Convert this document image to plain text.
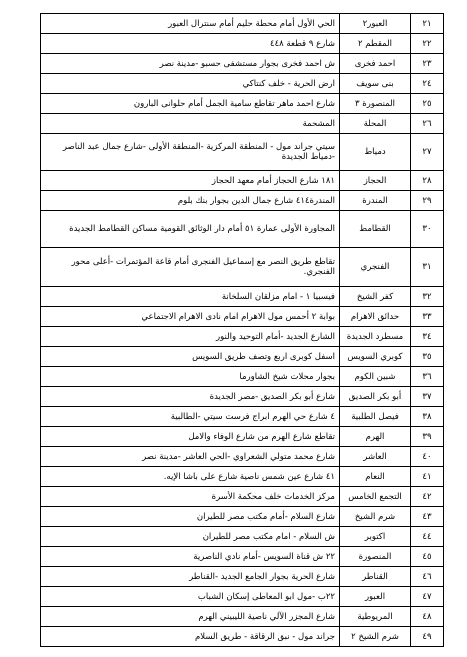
٢١	العبور٢	الحي الأول أمام محطة حليم أمام سنترال العبور
٢٢	المقطم ٢	شارع ٩ قطعة ٤٤٨
٢٣	احمد فخرى	ش احمد فخرى بجوار مستشفى حسبو -مدينة نصر
٢٤	بنى سويف	ارض الحرية - خلف كنتاكي
٢٥	المنصورة ٣	شارع احمد ماهر تقاطع سامية الجمل أمام حلوانى البارون
٢٦	المحلة	المشحمة
٢٧	دمياط	سيتي جراند مول - المنطقة المركزية -المنطقة الأولى -شارع جمال عبد الناصر -دمياط الجديدة
٢٨	الحجاز	١٨١ شارع الحجاز أمام معهد الحجاز
٢٩	المندرة	المندرة٤١٤ شارع جمال الدين بجوار بنك بلوم
٣٠	القطامط	المجاورة الأولى عمارة ٥١ أمام دار الوثائق القومية مساكن القطامط الجديدة
٣١	الفنجري	تقاطع طريق النصر مع إسماعيل الفنجرى أمام قاعة المؤتمرات -أعلى محور الفنجري.
٣٢	كفر الشيخ	فيسبيا ١ - امام مزلقان السلخانة
٣٣	حدائق الاهرام	بوابة ٢ أحمس مول الاهرام امام نادى الاهرام الاجتماعي
٣٤	مسطرد الجديدة	الشارع الجديد -أمام التوحيد والنور
٣٥	كوبري السويس	اسفل كوبرى اربع وتصف طريق السويس
٣٦	شبين الكوم	بجوار محلات شيخ الشاورما
٣٧	أبو بكر الصديق	شارع أبو بكر الصديق -مصر الجديدة
٣٨	فيصل الطلبية	٤ شارع حي الهرم ابراج فرست سيتي -الطالبية
٣٩	الهرم	تقاطع شارع الهرم من شارع الوفاء والامل
٤٠	العاشر	شارع محمد متولي الشعراوي -الحي العاشر -مدينة نصر
٤١	النعام	٤١ شارع عين شمس ناصية شارع على باشا الإيه.
٤٢	التجمع الخامس	مركز الخدمات خلف محكمة الأسرة
٤٣	شرم الشيخ	شارع السلام -أمام مكتب مصر للطيران
٤٤	اكتوبر	ش السلام - امام مكتب مصر للطيران
٤٥	المنصورة	٢٢ ش قناة السويس -أمام نادي الناصرية
٤٦	القناطر	شارع الحرية بجوار الجامع الجديد -القناطر
٤٧	العبور	٢٢ب -مول ابو المعاطى إسكان الشباب
٤٨	المريوطية	شارع المجزر الآلي ناصية الليبيني الهرم
٤٩	شرم الشيخ ٢	جراند مول - نبق الرقاقة - طريق السلام
